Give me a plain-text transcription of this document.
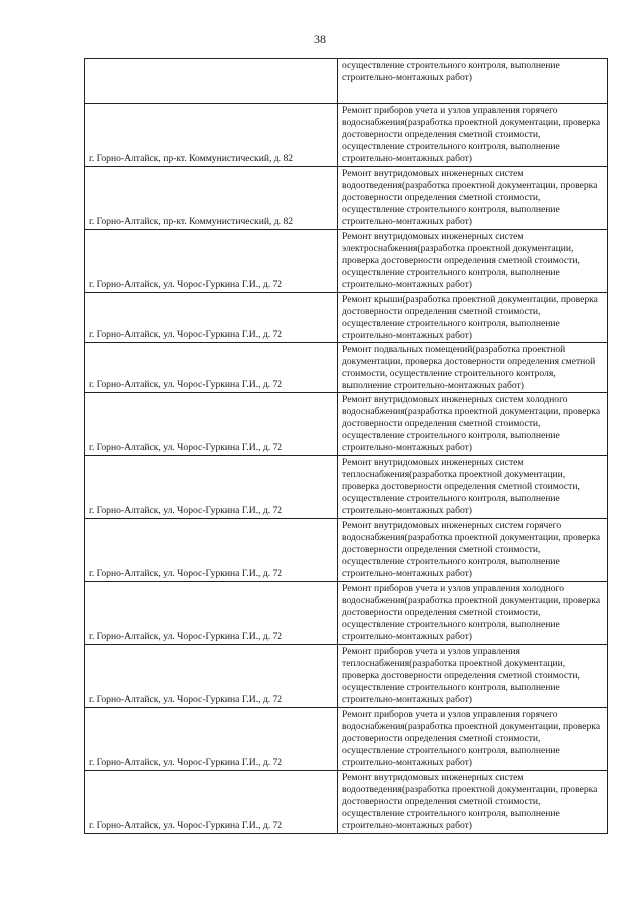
38
	осуществление строительного контроля, выполнение строительно-монтажных работ)
г. Горно-Алтайск, пр-кт. Коммунистический, д. 82	Ремонт приборов учета и узлов управления горячего водоснабжения(разработка проектной документации, проверка достоверности определения сметной стоимости, осуществление строительного контроля, выполнение строительно-монтажных работ)
г. Горно-Алтайск, пр-кт. Коммунистический, д. 82	Ремонт внутридомовых инженерных систем водоотведения(разработка проектной документации, проверка достоверности определения сметной стоимости, осуществление строительного контроля, выполнение строительно-монтажных работ)
г. Горно-Алтайск, ул. Чорос-Гуркина Г.И., д. 72	Ремонт внутридомовых инженерных систем электроснабжения(разработка проектной документации, проверка достоверности определения сметной стоимости, осуществление строительного контроля, выполнение строительно-монтажных работ)
г. Горно-Алтайск, ул. Чорос-Гуркина Г.И., д. 72	Ремонт крыши(разработка проектной документации, проверка достоверности определения сметной стоимости, осуществление строительного контроля, выполнение строительно-монтажных работ)
г. Горно-Алтайск, ул. Чорос-Гуркина Г.И., д. 72	Ремонт подвальных помещений(разработка проектной документации, проверка достоверности определения сметной стоимости, осуществление строительного контроля, выполнение строительно-монтажных работ)
г. Горно-Алтайск, ул. Чорос-Гуркина Г.И., д. 72	Ремонт внутридомовых инженерных систем холодного водоснабжения(разработка проектной документации, проверка достоверности определения сметной стоимости, осуществление строительного контроля, выполнение строительно-монтажных работ)
г. Горно-Алтайск, ул. Чорос-Гуркина Г.И., д. 72	Ремонт внутридомовых инженерных систем теплоснабжения(разработка проектной документации, проверка достоверности определения сметной стоимости, осуществление строительного контроля, выполнение строительно-монтажных работ)
г. Горно-Алтайск, ул. Чорос-Гуркина Г.И., д. 72	Ремонт внутридомовых инженерных систем горячего водоснабжения(разработка проектной документации, проверка достоверности определения сметной стоимости, осуществление строительного контроля, выполнение строительно-монтажных работ)
г. Горно-Алтайск, ул. Чорос-Гуркина Г.И., д. 72	Ремонт приборов учета и узлов управления холодного водоснабжения(разработка проектной документации, проверка достоверности определения сметной стоимости, осуществление строительного контроля, выполнение строительно-монтажных работ)
г. Горно-Алтайск, ул. Чорос-Гуркина Г.И., д. 72	Ремонт приборов учета и узлов управления теплоснабжения(разработка проектной документации, проверка достоверности определения сметной стоимости, осуществление строительного контроля, выполнение строительно-монтажных работ)
г. Горно-Алтайск, ул. Чорос-Гуркина Г.И., д. 72	Ремонт приборов учета и узлов управления горячего водоснабжения(разработка проектной документации, проверка достоверности определения сметной стоимости, осуществление строительного контроля, выполнение строительно-монтажных работ)
г. Горно-Алтайск, ул. Чорос-Гуркина Г.И., д. 72	Ремонт внутридомовых инженерных систем водоотведения(разработка проектной документации, проверка достоверности определения сметной стоимости, осуществление строительного контроля, выполнение строительно-монтажных работ)
